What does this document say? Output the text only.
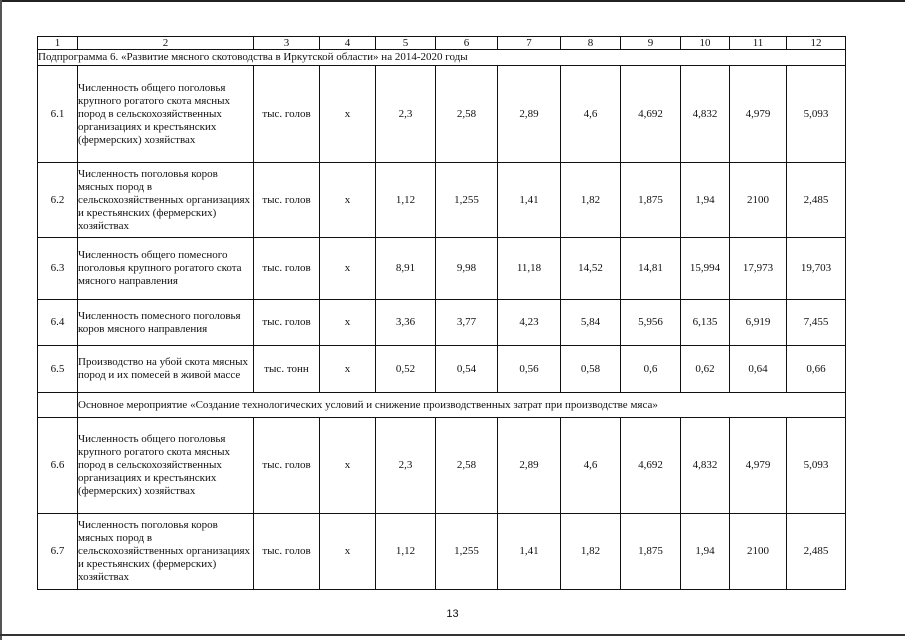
1	2	3	4	5	6	7	8	9	10	11	12
Подпрограмма 6. «Развитие мясного скотоводства в Иркутской области» на 2014-2020 годы											
6.1	Численность общего поголовья крупного рогатого скота мясных пород в сельскохозяйственных организациях и крестьянских (фермерских) хозяйствах	тыс. голов	х	2,3	2,58	2,89	4,6	4,692	4,832	4,979	5,093
6.2	Численность поголовья коров мясных пород в сельскохозяйственных организациях и крестьянских (фермерских) хозяйствах	тыс. голов	х	1,12	1,255	1,41	1,82	1,875	1,94	2100	2,485
6.3	Численность общего помесного поголовья крупного рогатого скота мясного направления	тыс. голов	х	8,91	9,98	11,18	14,52	14,81	15,994	17,973	19,703
6.4	Численность помесного поголовья коров мясного направления	тыс. голов	х	3,36	3,77	4,23	5,84	5,956	6,135	6,919	7,455
6.5	Производство на убой скота мясных пород и их помесей в живой массе	тыс. тонн	х	0,52	0,54	0,56	0,58	0,6	0,62	0,64	0,66
	Основное мероприятие «Создание технологических условий и снижение производственных затрат при производстве мяса»										
6.6	Численность общего поголовья крупного рогатого скота мясных пород в сельскохозяйственных организациях и крестьянских (фермерских) хозяйствах	тыс. голов	х	2,3	2,58	2,89	4,6	4,692	4,832	4,979	5,093
6.7	Численность поголовья коров мясных пород в сельскохозяйственных организациях и крестьянских (фермерских) хозяйствах	тыс. голов	х	1,12	1,255	1,41	1,82	1,875	1,94	2100	2,485
13
